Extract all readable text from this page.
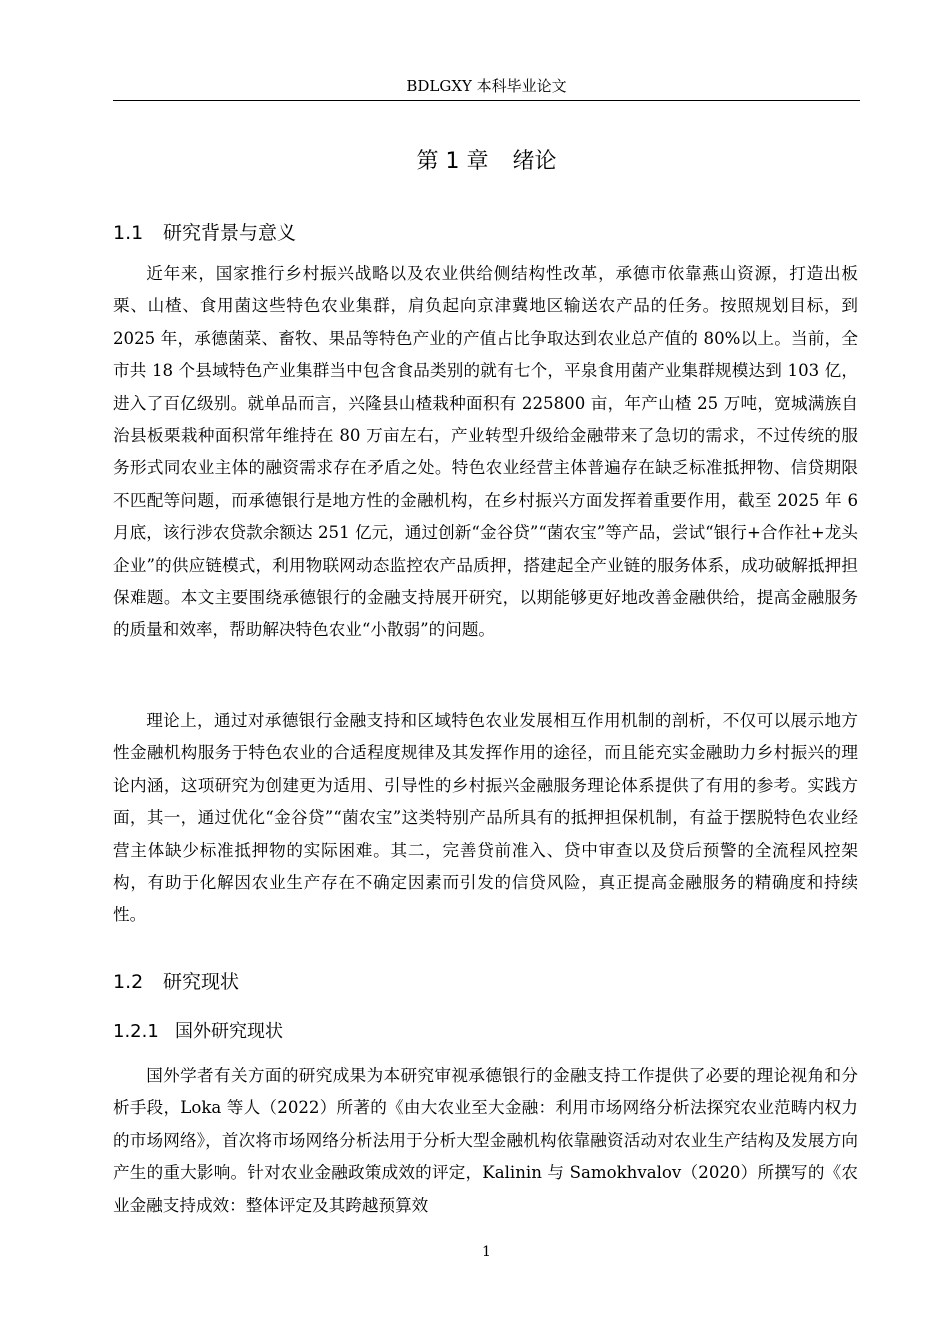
BDLGXY 本科毕业论文
第 1 章 绪论
1.1 研究背景与意义

近年来，国家推行乡村振兴战略以及农业供给侧结构性改革，承德市依靠燕山资源，打造出板栗、山楂、食用菌这些特色农业集群，肩负起向京津冀地区输送农产品的任务。按照规划目标，到 2025 年，承德菌菜、畜牧、果品等特色产业的产值占比争取达到农业总产值的 80%以上。当前，全市共 18 个县域特色产业集群当中包含食品类别的就有七个，平泉食用菌产业集群规模达到 103 亿，进入了百亿级别。就单品而言，兴隆县山楂栽种面积有 225800 亩，年产山楂 25 万吨，宽城满族自治县板栗栽种面积常年维持在 80 万亩左右，产业转型升级给金融带来了急切的需求，不过传统的服务形式同农业主体的融资需求存在矛盾之处。特色农业经营主体普遍存在缺乏标准抵押物、信贷期限不匹配等问题，而承德银行是地方性的金融机构，在乡村振兴方面发挥着重要作用，截至 2025 年 6 月底，该行涉农贷款余额达 251 亿元，通过创新“金谷贷”“菌农宝”等产品，尝试“银行+合作社+龙头企业”的供应链模式，利用物联网动态监控农产品质押，搭建起全产业链的服务体系，成功破解抵押担保难题。本文主要围绕承德银行的金融支持展开研究，以期能够更好地改善金融供给，提高金融服务的质量和效率，帮助解决特色农业“小散弱”的问题。

理论上，通过对承德银行金融支持和区域特色农业发展相互作用机制的剖析，不仅可以展示地方性金融机构服务于特色农业的合适程度规律及其发挥作用的途径，而且能充实金融助力乡村振兴的理论内涵，这项研究为创建更为适用、引导性的乡村振兴金融服务理论体系提供了有用的参考。实践方面，其一，通过优化“金谷贷”“菌农宝”这类特别产品所具有的抵押担保机制，有益于摆脱特色农业经营主体缺少标准抵押物的实际困难。其二，完善贷前准入、贷中审查以及贷后预警的全流程风控架构，有助于化解因农业生产存在不确定因素而引发的信贷风险，真正提高金融服务的精确度和持续性。

1.2 研究现状
1.2.1 国外研究现状

国外学者有关方面的研究成果为本研究审视承德银行的金融支持工作提供了必要的理论视角和分析手段，Loka 等人（2022）所著的《由大农业至大金融：利用市场网络分析法探究农业范畴内权力的市场网络》，首次将市场网络分析法用于分析大型金融机构依靠融资活动对农业生产结构及发展方向产生的重大影响。针对农业金融政策成效的评定，Kalinin 与 Samokhvalov（2020）所撰写的《农业金融支持成效：整体评定及其跨越预算效

1
